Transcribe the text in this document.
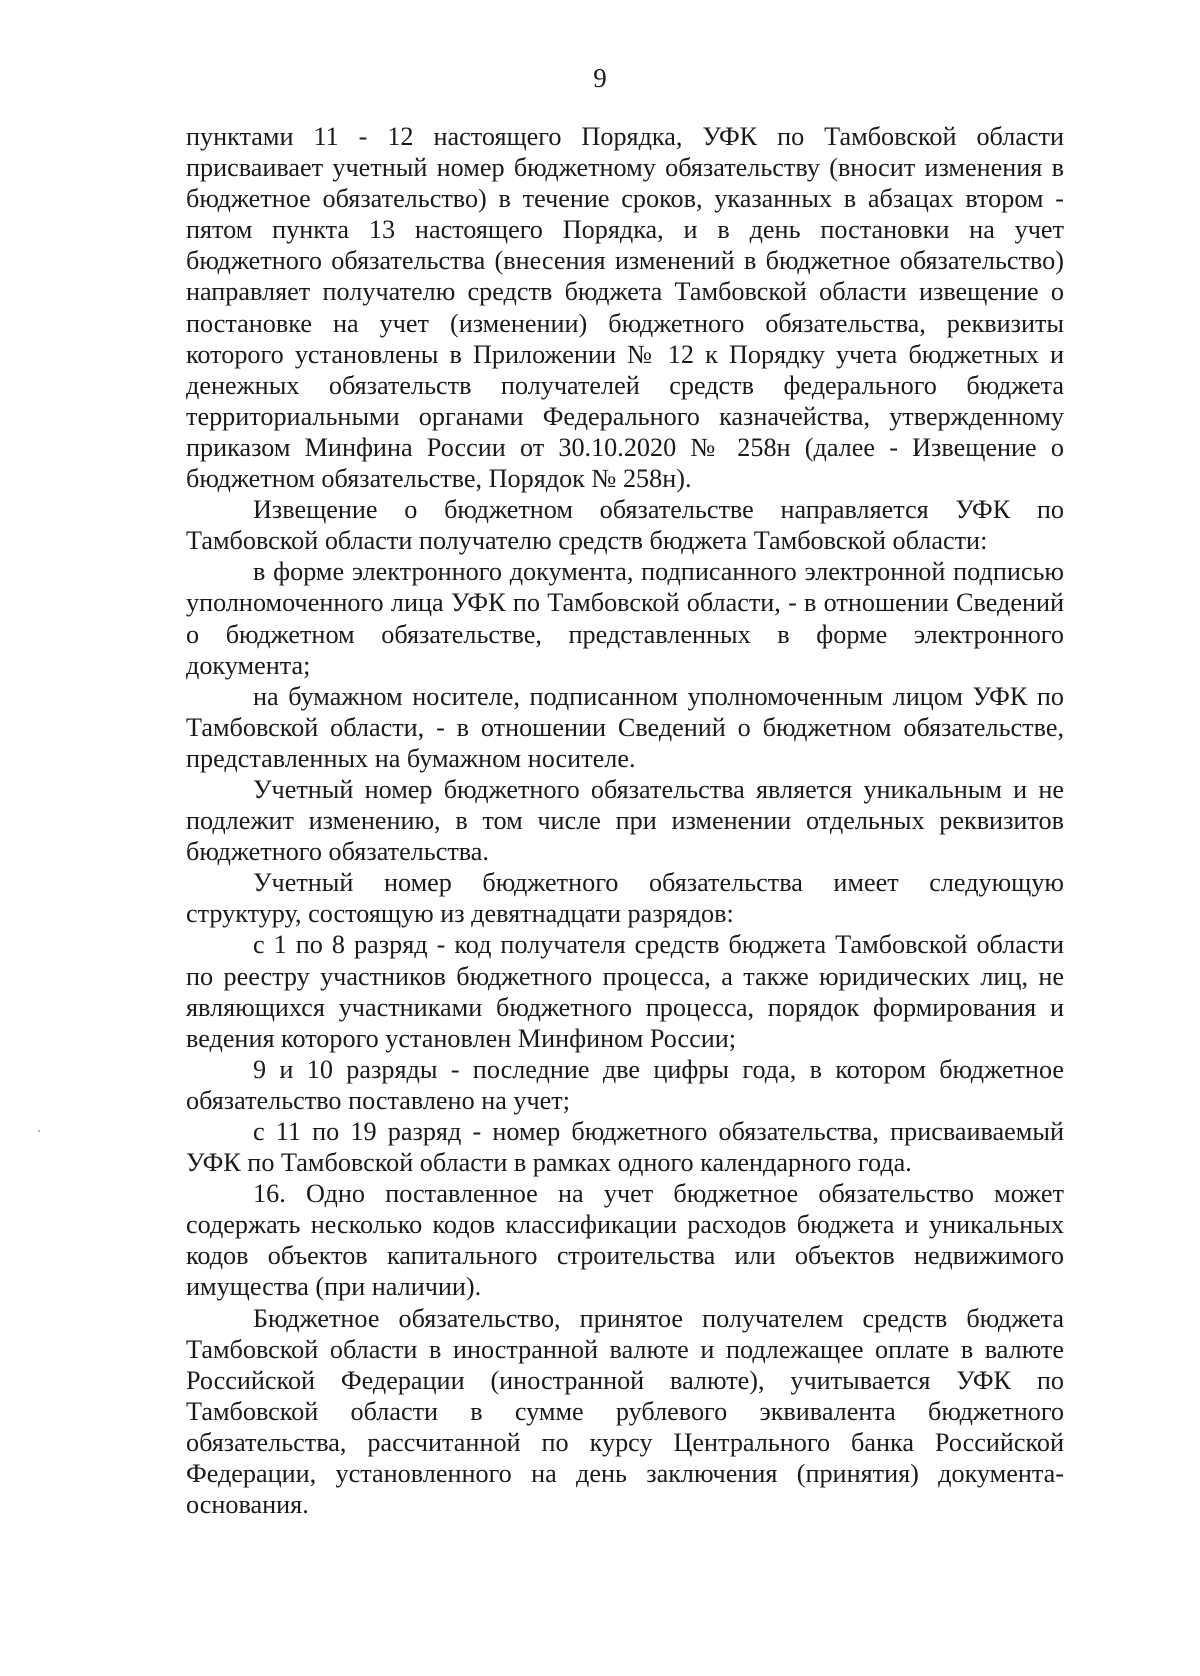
9

пунктами 11 - 12 настоящего Порядка, УФК по Тамбовской области присваивает учетный номер бюджетному обязательству (вносит изменения в бюджетное обязательство) в течение сроков, указанных в абзацах втором - пятом пункта 13 настоящего Порядка, и в день постановки на учет бюджетного обязательства (внесения изменений в бюджетное обязательство) направляет получателю средств бюджета Тамбовской области извещение о постановке на учет (изменении) бюджетного обязательства, реквизиты которого установлены в Приложении № 12 к Порядку учета бюджетных и денежных обязательств получателей средств федерального бюджета территориальными органами Федерального казначейства, утвержденному приказом Минфина России от 30.10.2020 № 258н (далее - Извещение о бюджетном обязательстве, Порядок № 258н).

Извещение о бюджетном обязательстве направляется УФК по Тамбовской области получателю средств бюджета Тамбовской области:

в форме электронного документа, подписанного электронной подписью уполномоченного лица УФК по Тамбовской области, - в отношении Сведений о бюджетном обязательстве, представленных в форме электронного документа;

на бумажном носителе, подписанном уполномоченным лицом УФК по Тамбовской области, - в отношении Сведений о бюджетном обязательстве, представленных на бумажном носителе.

Учетный номер бюджетного обязательства является уникальным и не подлежит изменению, в том числе при изменении отдельных реквизитов бюджетного обязательства.

Учетный номер бюджетного обязательства имеет следующую структуру, состоящую из девятнадцати разрядов:

с 1 по 8 разряд - код получателя средств бюджета Тамбовской области по реестру участников бюджетного процесса, а также юридических лиц, не являющихся участниками бюджетного процесса, порядок формирования и ведения которого установлен Минфином России;

9 и 10 разряды - последние две цифры года, в котором бюджетное обязательство поставлено на учет;

с 11 по 19 разряд - номер бюджетного обязательства, присваиваемый УФК по Тамбовской области в рамках одного календарного года.

16. Одно поставленное на учет бюджетное обязательство может содержать несколько кодов классификации расходов бюджета и уникальных кодов объектов капитального строительства или объектов недвижимого имущества (при наличии).

Бюджетное обязательство, принятое получателем средств бюджета Тамбовской области в иностранной валюте и подлежащее оплате в валюте Российской Федерации (иностранной валюте), учитывается УФК по Тамбовской области в сумме рублевого эквивалента бюджетного обязательства, рассчитанной по курсу Центрального банка Российской Федерации, установленного на день заключения (принятия) документа-основания.
